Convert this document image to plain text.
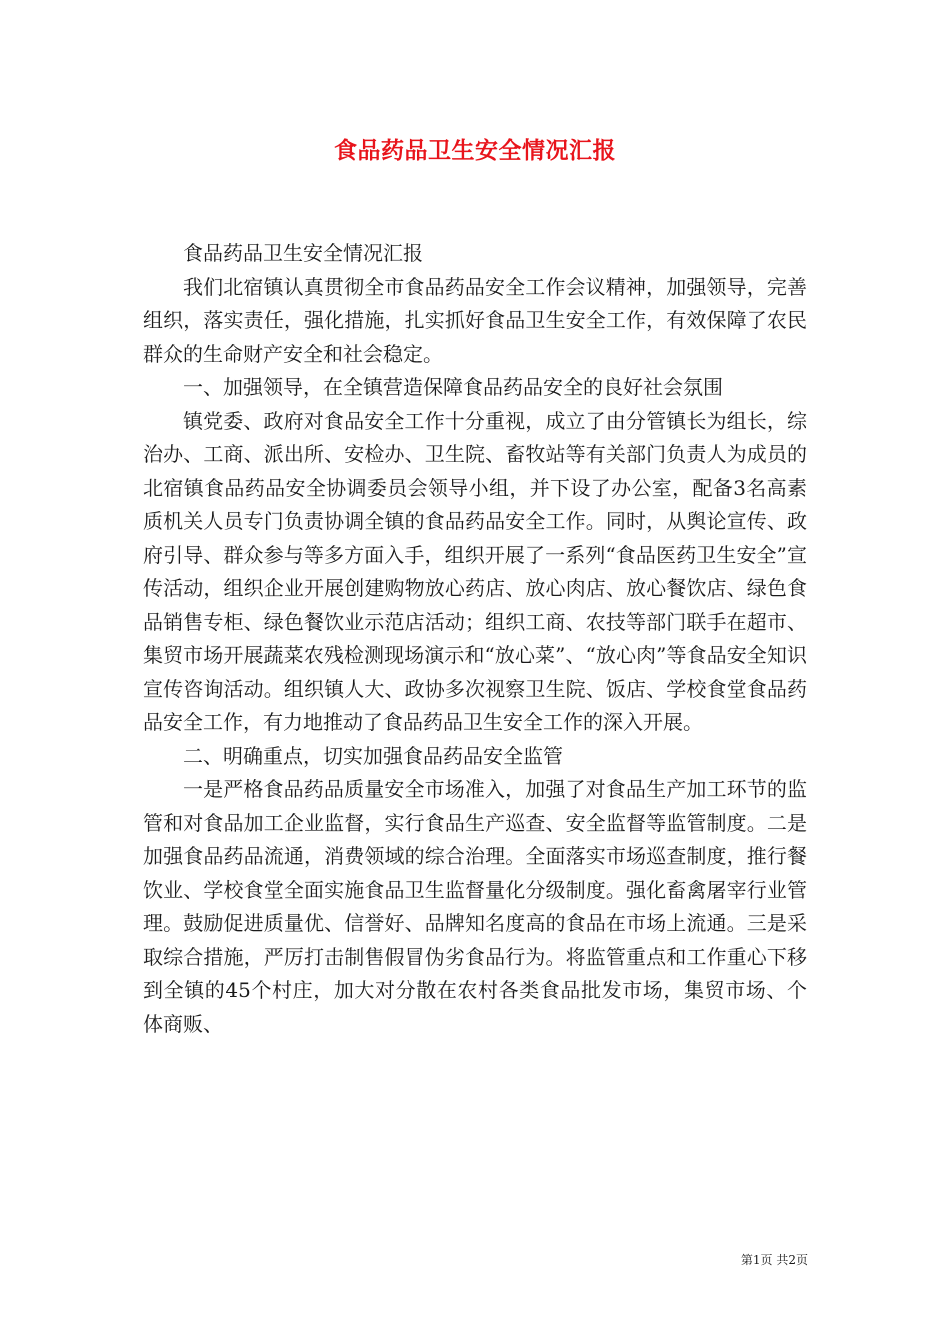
食品药品卫生安全情况汇报

食品药品卫生安全情况汇报

我们北宿镇认真贯彻全市食品药品安全工作会议精神，加强领导，完善组织，落实责任，强化措施，扎实抓好食品卫生安全工作，有效保障了农民群众的生命财产安全和社会稳定。

一、加强领导，在全镇营造保障食品药品安全的良好社会氛围

镇党委、政府对食品安全工作十分重视，成立了由分管镇长为组长，综治办、工商、派出所、安检办、卫生院、畜牧站等有关部门负责人为成员的北宿镇食品药品安全协调委员会领导小组，并下设了办公室，配备3名高素质机关人员专门负责协调全镇的食品药品安全工作。同时，从舆论宣传、政府引导、群众参与等多方面入手，组织开展了一系列“食品医药卫生安全”宣传活动，组织企业开展创建购物放心药店、放心肉店、放心餐饮店、绿色食品销售专柜、绿色餐饮业示范店活动；组织工商、农技等部门联手在超市、集贸市场开展蔬菜农残检测现场演示和“放心菜”、“放心肉”等食品安全知识宣传咨询活动。组织镇人大、政协多次视察卫生院、饭店、学校食堂食品药品安全工作，有力地推动了食品药品卫生安全工作的深入开展。

二、明确重点，切实加强食品药品安全监管

一是严格食品药品质量安全市场准入，加强了对食品生产加工环节的监管和对食品加工企业监督，实行食品生产巡查、安全监督等监管制度。二是加强食品药品流通，消费领域的综合治理。全面落实市场巡查制度，推行餐饮业、学校食堂全面实施食品卫生监督量化分级制度。强化畜禽屠宰行业管理。鼓励促进质量优、信誉好、品牌知名度高的食品在市场上流通。三是采取综合措施，严厉打击制售假冒伪劣食品行为。将监管重点和工作重心下移到全镇的45个村庄，加大对分散在农村各类食品批发市场，集贸市场、个体商贩、

第1页 共2页
